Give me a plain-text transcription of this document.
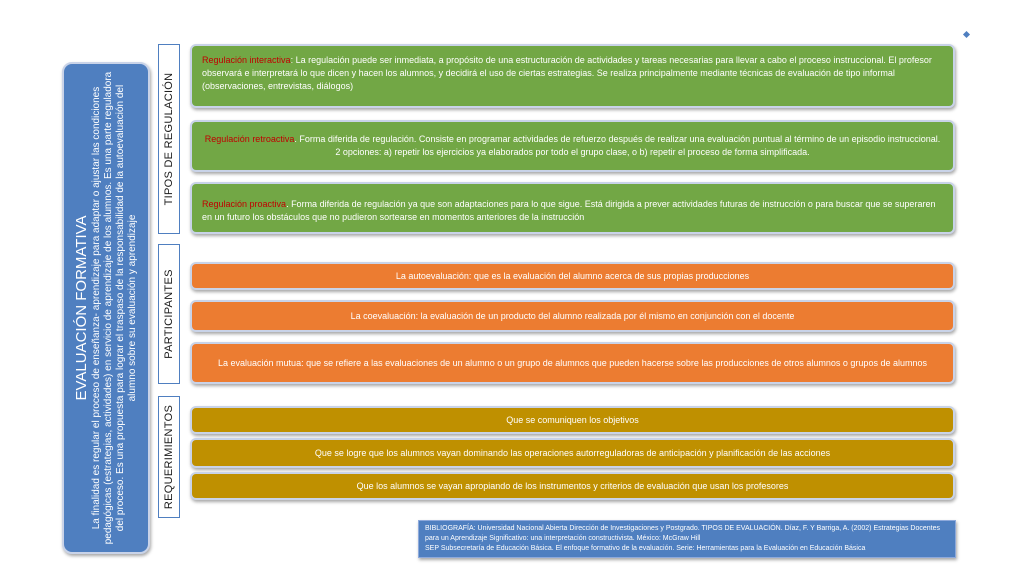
EVALUACIÓN FORMATIVA La finalidad es regular el proceso de enseñanza- aprendizaje para adaptar o ajustar las condiciones pedagógicas (estrategias, actividades) en servicio de aprendizaje de los alumnos. Es una parte reguladora del proceso. Es una propuesta para lograr el traspaso de la responsabilidad de la autoevaluación del alumno sobre su evaluación y aprendizaje
TIPOS DE REGULACIÓN
PARTICIPANTES
REQUERIMIENTOS
Regulación interactiva: La regulación puede ser inmediata, a propósito de una estructuración de actividades y tareas necesarias para llevar a cabo el proceso instruccional. El profesor observará e interpretará lo que dicen y hacen los alumnos, y decidirá el uso de ciertas estrategias. Se realiza principalmente mediante técnicas de evaluación de tipo informal (observaciones, entrevistas, diálogos)
Regulación retroactiva. Forma diferida de regulación. Consiste en programar actividades de refuerzo después de realizar una evaluación puntual al término de un episodio instruccional. 2 opciones: a) repetir los ejercicios ya elaborados por todo el grupo clase, o b) repetir el proceso de forma simplificada.
Regulación proactiva. Forma diferida de regulación ya que son adaptaciones para lo que sigue. Está dirigida a prever actividades futuras de instrucción o para buscar que se superaren en un futuro los obstáculos que no pudieron sortearse en momentos anteriores de la instrucción
La autoevaluación: que es la evaluación del alumno acerca de sus propias producciones
La coevaluación: la evaluación de un producto del alumno realizada por él mismo en conjunción con el docente
La evaluación mutua: que se refiere a las evaluaciones de un alumno o un grupo de alumnos que pueden hacerse sobre las producciones de otros alumnos o grupos de alumnos
Que se comuniquen los objetivos
Que se logre que los alumnos vayan dominando las operaciones autorreguladoras de anticipación y planificación de las acciones
Que los alumnos se vayan apropiando de los instrumentos y criterios de evaluación que usan los profesores
BIBLIOGRAFÍA: Universidad Nacional Abierta Dirección de Investigaciones y Postgrado. TIPOS DE EVALUACIÓN. Díaz, F. Y Barriga, A. (2002) Estrategias Docentes para un Aprendizaje Significativo: una interpretación constructivista. México: McGraw Hill
SEP Subsecretaría de Educación Básica. El enfoque formativo de la evaluación. Serie: Herramientas para la Evaluación en Educación Básica
